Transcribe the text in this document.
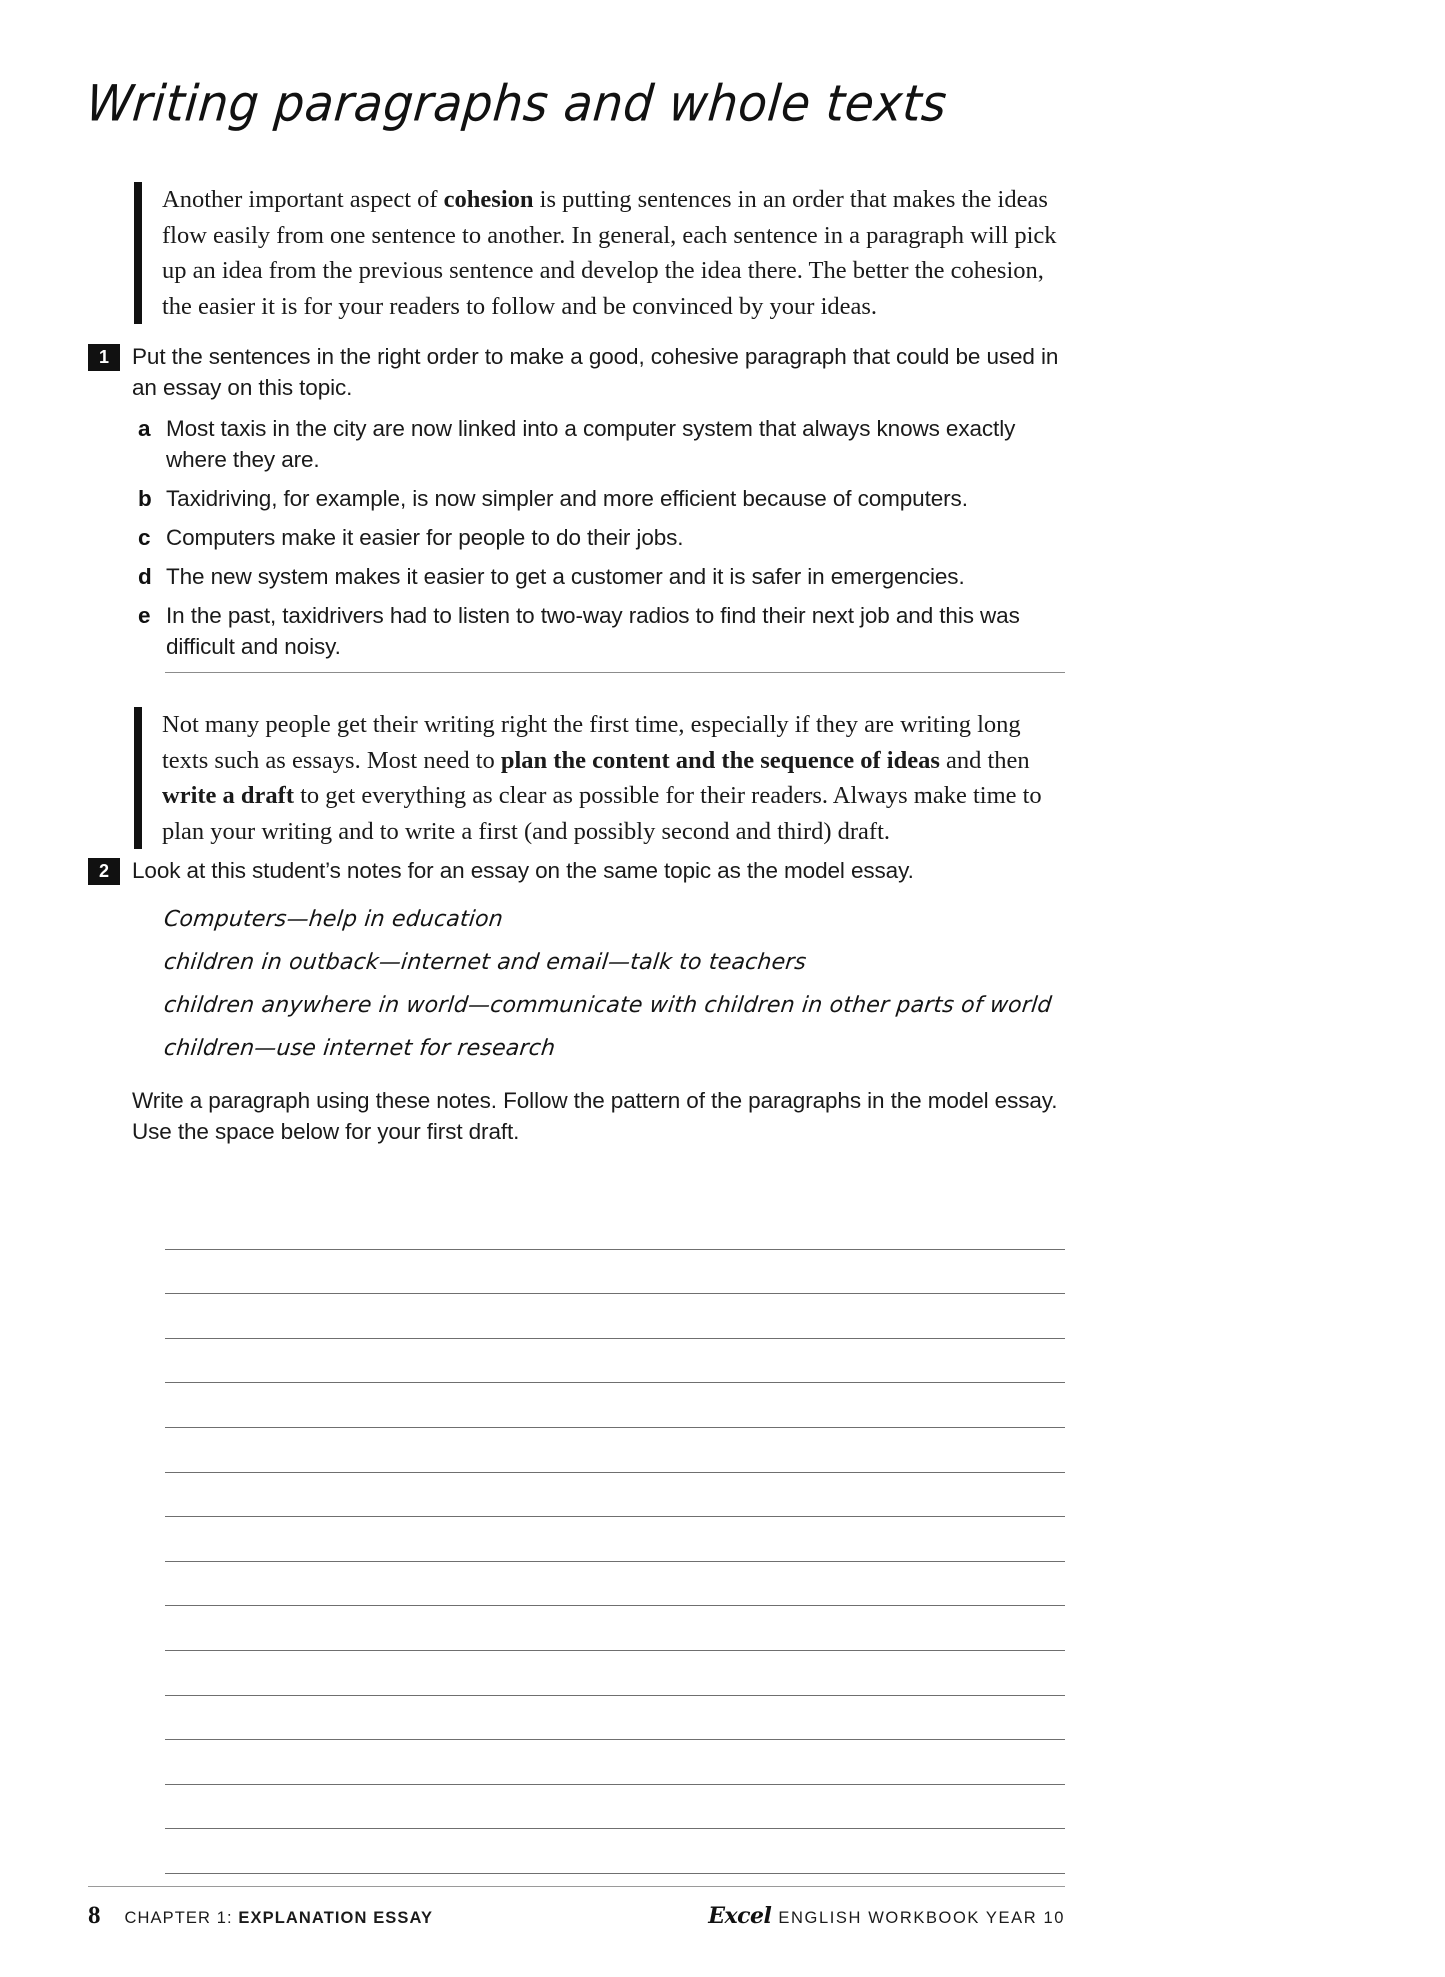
Writing paragraphs and whole texts
Another important aspect of cohesion is putting sentences in an order that makes the ideas flow easily from one sentence to another. In general, each sentence in a paragraph will pick up an idea from the previous sentence and develop the idea there. The better the cohesion, the easier it is for your readers to follow and be convinced by your ideas.
1	Put the sentences in the right order to make a good, cohesive paragraph that could be used in an essay on this topic.
a Most taxis in the city are now linked into a computer system that always knows exactly where they are.
b Taxidriving, for example, is now simpler and more efficient because of computers.
c Computers make it easier for people to do their jobs.
d The new system makes it easier to get a customer and it is safer in emergencies.
e In the past, taxidrivers had to listen to two-way radios to find their next job and this was difficult and noisy.
Not many people get their writing right the first time, especially if they are writing long texts such as essays. Most need to plan the content and the sequence of ideas and then write a draft to get everything as clear as possible for their readers. Always make time to plan your writing and to write a first (and possibly second and third) draft.
2	Look at this student’s notes for an essay on the same topic as the model essay.
Computers—help in education
children in outback—internet and email—talk to teachers
children anywhere in world—communicate with children in other parts of world
children—use internet for research
Write a paragraph using these notes. Follow the pattern of the paragraphs in the model essay. Use the space below for your first draft.
8 CHAPTER 1: EXPLANATION ESSAY	Excel ENGLISH WORKBOOK YEAR 10
